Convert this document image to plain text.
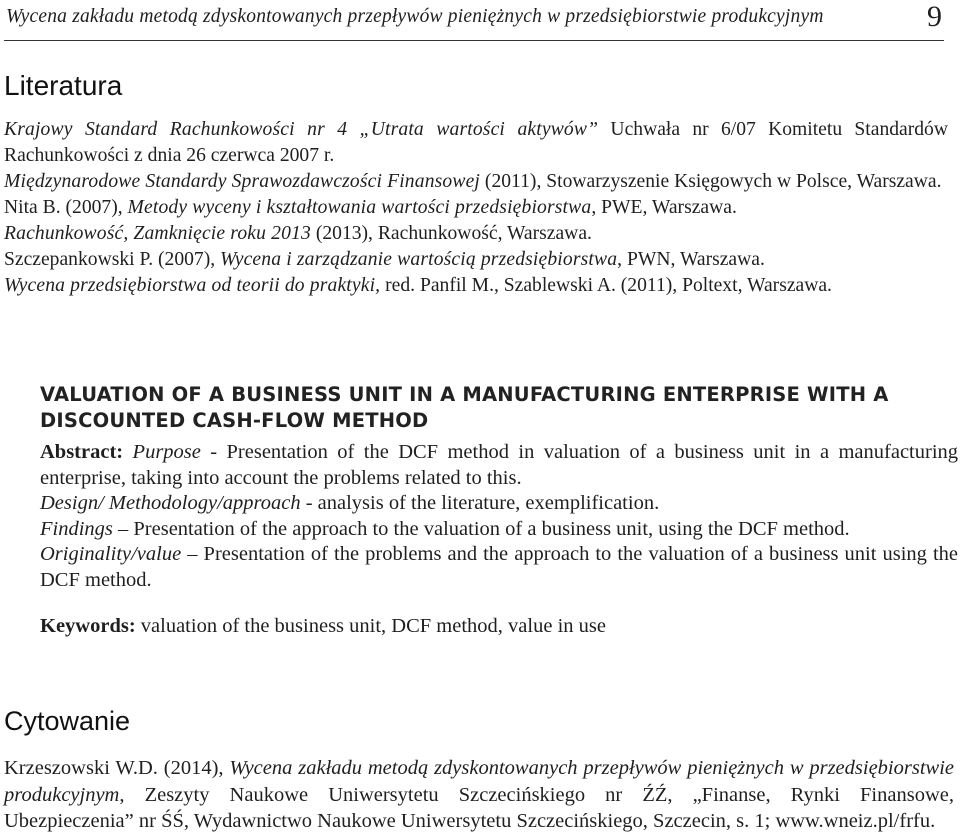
Wycena zakładu metodą zdyskontowanych przepływów pieniężnych w przedsiębiorstwie produkcyjnym	9
Literatura

Krajowy Standard Rachunkowości nr 4 „Utrata wartości aktywów” Uchwała nr 6/07 Komitetu Standardów Rachunkowości z dnia 26 czerwca 2007 r.

Międzynarodowe Standardy Sprawozdawczości Finansowej (2011), Stowarzyszenie Księgowych w Polsce, Warszawa.

Nita B. (2007), Metody wyceny i kształtowania wartości przedsiębiorstwa, PWE, Warszawa.

Rachunkowość, Zamknięcie roku 2013 (2013), Rachunkowość, Warszawa.

Szczepankowski P. (2007), Wycena i zarządzanie wartością przedsiębiorstwa, PWN, Warszawa.

Wycena przedsiębiorstwa od teorii do praktyki, red. Panfil M., Szablewski A. (2011), Poltext, Warszawa.

VALUATION OF A BUSINESS UNIT IN A MANUFACTURING ENTERPRISE WITH A DISCOUNTED CASH-FLOW METHOD

Abstract: Purpose - Presentation of the DCF method in valuation of a business unit in a manufacturing enterprise, taking into account the problems related to this.

Design/ Methodology/approach - analysis of the literature, exemplification.

Findings – Presentation of the approach to the valuation of a business unit, using the DCF method.

Originality/value – Presentation of the problems and the approach to the valuation of a business unit using the DCF method.

Keywords: valuation of the business unit, DCF method, value in use
Cytowanie
Krzeszowski W.D. (2014), Wycena zakładu metodą zdyskontowanych przepływów pieniężnych w przedsiębiorstwie produkcyjnym, Zeszyty Naukowe Uniwersytetu Szczecińskiego nr ŹŹ, „Finanse, Rynki Finansowe, Ubezpieczenia” nr ŚŚ, Wydawnictwo Naukowe Uniwersytetu Szczecińskiego, Szczecin, s. 1; www.wneiz.pl/frfu.
